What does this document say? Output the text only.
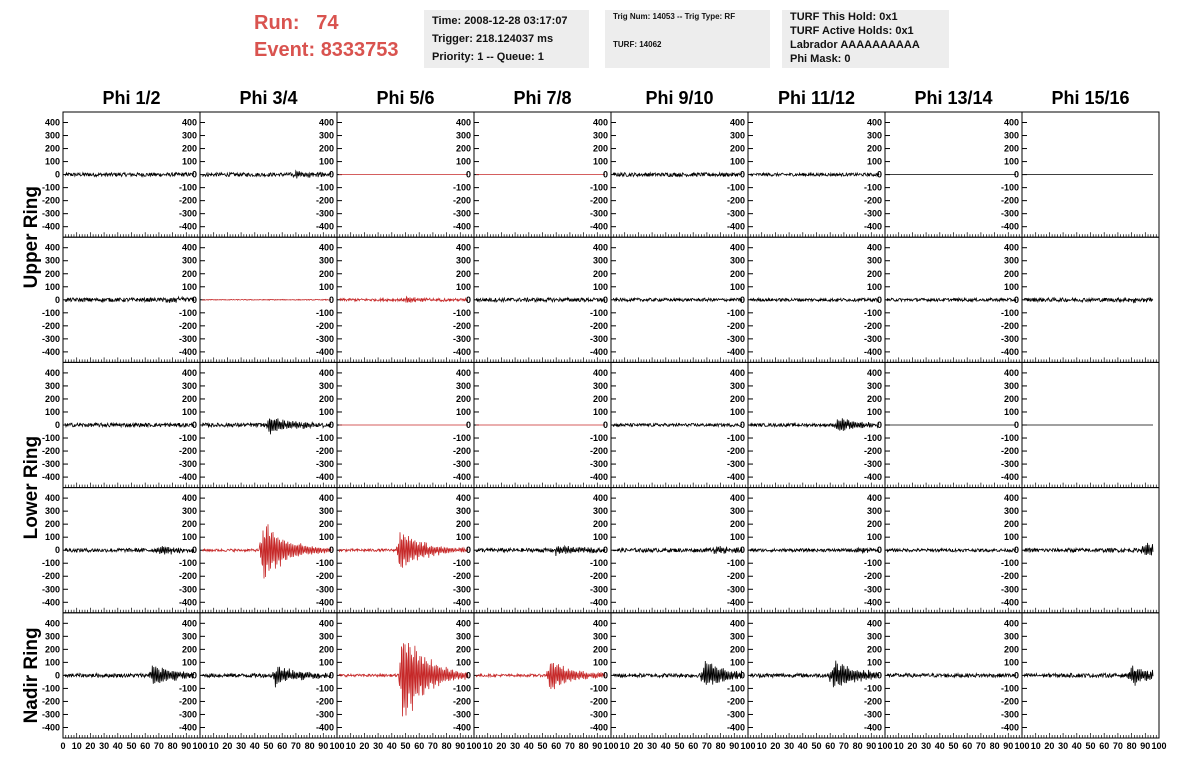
Run: 74
Event: 8333753
Time: 2008-12-28 03:17:07
Trigger: 218.124037 ms
Priority: 1 -- Queue: 1
Trig Num: 14053 -- Trig Type: RF
TURF: 14062
TURF This Hold: 0x1
TURF Active Holds: 0x1
Labrador AAAAAAAAAA
Phi Mask: 0
Phi 1/2	Phi 3/4	Phi 5/6	Phi 7/8	Phi 9/10	Phi 11/12	Phi 13/14	Phi 15/16
Upper Ring
Lower Ring
Nadir Ring
400
300
200
100
0
-100
-200
-300
-400
400
300
200
100
0
-100
-200
-300
-400
400
300
200
100
0
-100
-200
-300
-400
400
300
200
100
0
-100
-200
-300
-400
400
300
200
100
0
-100
-200
-300
-400
400
300
200
100
0
-100
-200
-300
-400
400
300
200
100
0
-100
-200
-300
-400
400
300
200
100
0
-100
-200
-300
-400
400
300
200
100
0
-100
-200
-300
-400
400
300
200
100
0
-100
-200
-300
-400
400
300
200
100
0
-100
-200
-300
-400
400
300
200
100
0
-100
-200
-300
-400
400
300
200
100
0
-100
-200
-300
-400
400
300
200
100
0
-100
-200
-300
-400
400
300
200
100
0
-100
-200
-300
-400
400
300
200
100
0
-100
-200
-300
-400
400
300
200
100
0
-100
-200
-300
-400
400
300
200
100
0
-100
-200
-300
-400
400
300
200
100
0
-100
-200
-300
-400
400
300
200
100
0
-100
-200
-300
-400
400
300
200
100
0
-100
-200
-300
-400
400
300
200
100
0
-100
-200
-300
-400
400
300
200
100
0
-100
-200
-300
-400
400
300
200
100
0
-100
-200
-300
-400
400
300
200
100
0
-100
-200
-300
-400
400
300
200
100
0
-100
-200
-300
-400
400
300
200
100
0
-100
-200
-300
-400
400
300
200
100
0
-100
-200
-300
-400
400
300
200
100
0
-100
-200
-300
-400
400
300
200
100
0
-100
-200
-300
-400
400
300
200
100
0
-100
-200
-300
-400
400
300
200
100
0
-100
-200
-300
-400
400
300
200
100
0
-100
-200
-300
-400
400
300
200
100
0
-100
-200
-300
-400
400
300
200
100
0
-100
-200
-300
-400
400
300
200
100
0
-100
-200
-300
-400
400
300
200
100
0
-100
-200
-300
-400
400
300
200
100
0
-100
-200
-300
-400
400
300
200
100
0
-100
-200
-300
-400
400
300
200
100
0
-100
-200
-300
-400
0 10 20 30 40 50 60 70 80 90 100 10 20 30 40 50 60 70 80 90 100 10 20 30 40 50 60 70 80 90 100 10 20 30 40 50 60 70 80 90 100 10 20 30 40 50 60 70 80 90 100 10 20 30 40 50 60 70 80 90 100 10 20 30 40 50 60 70 80 90 100 10 20 30 40 50 60 70 80 90 100
